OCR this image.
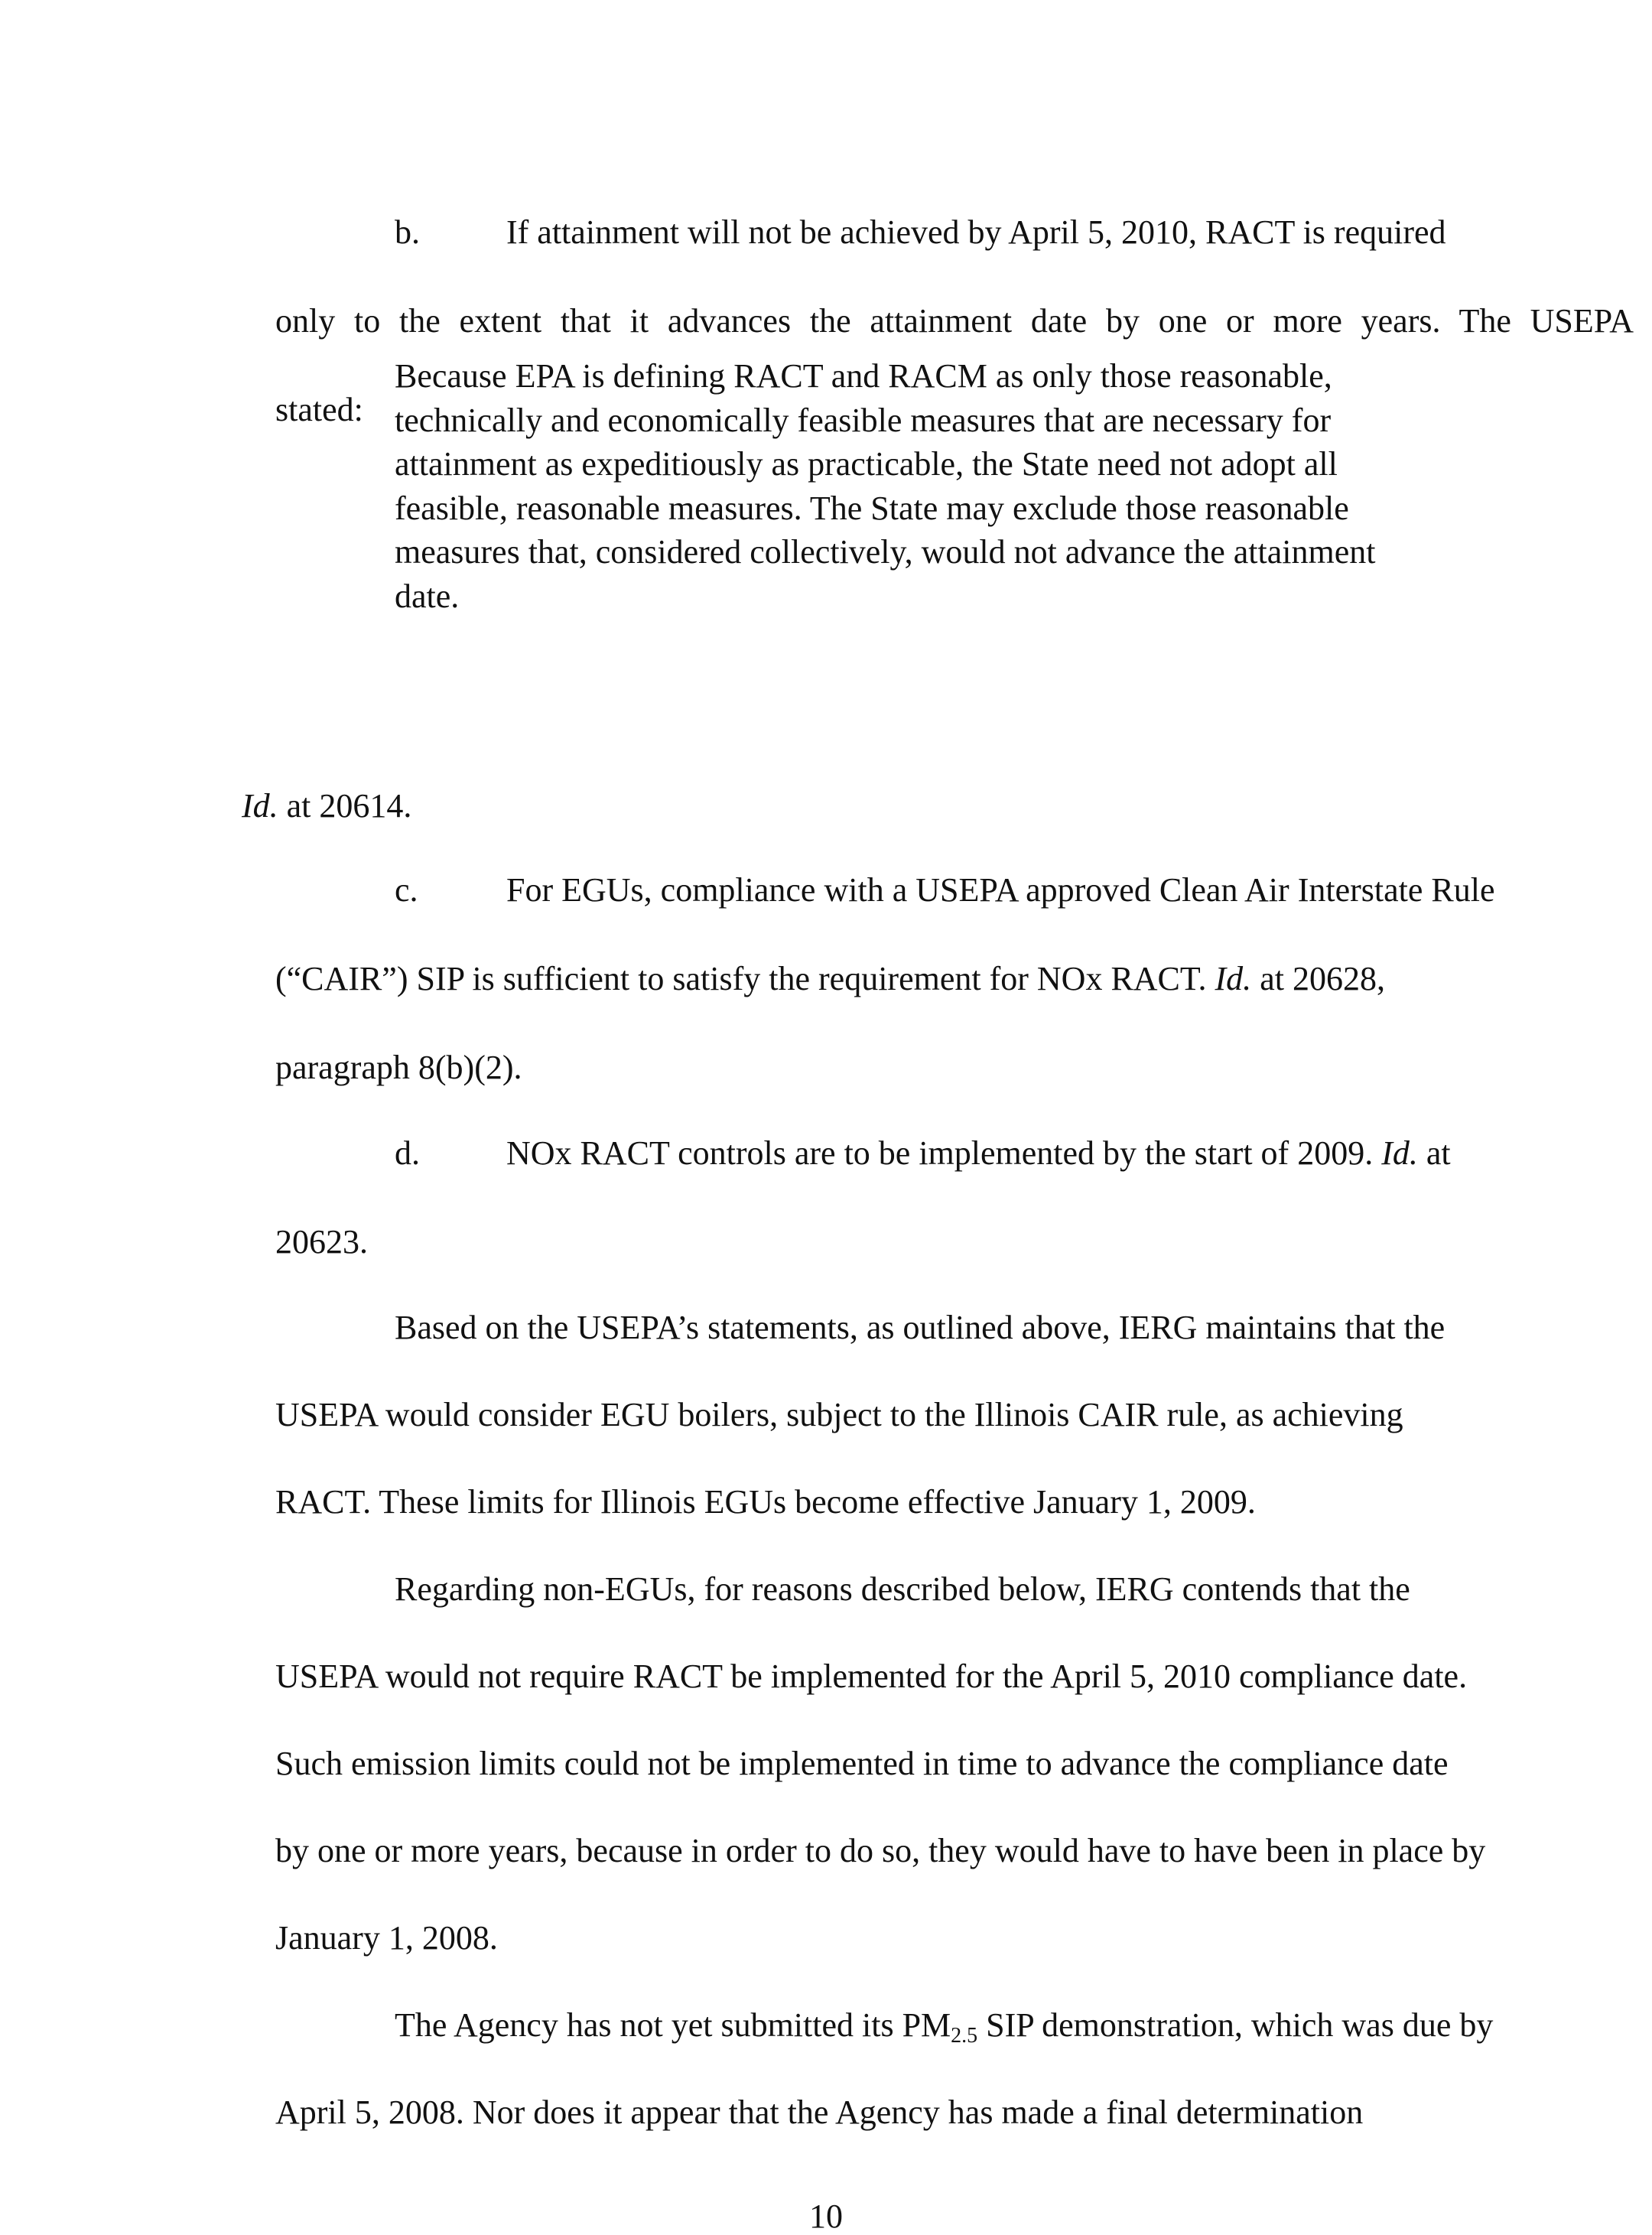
b.	If attainment will not be achieved by April 5, 2010, RACT is required
only to the extent that it advances the attainment date by one or more years. The USEPA
stated:
Because EPA is defining RACT and RACM as only those reasonable,
technically and economically feasible measures that are necessary for
attainment as expeditiously as practicable, the State need not adopt all
feasible, reasonable measures. The State may exclude those reasonable
measures that, considered collectively, would not advance the attainment
date.
Id. at 20614.
c.	For EGUs, compliance with a USEPA approved Clean Air Interstate Rule
(“CAIR”) SIP is sufficient to satisfy the requirement for NOx RACT. Id. at 20628,
paragraph 8(b)(2).
d.	NOx RACT controls are to be implemented by the start of 2009. Id. at
20623.
Based on the USEPA’s statements, as outlined above, IERG maintains that the
USEPA would consider EGU boilers, subject to the Illinois CAIR rule, as achieving
RACT. These limits for Illinois EGUs become effective January 1, 2009.
Regarding non-EGUs, for reasons described below, IERG contends that the
USEPA would not require RACT be implemented for the April 5, 2010 compliance date.
Such emission limits could not be implemented in time to advance the compliance date
by one or more years, because in order to do so, they would have to have been in place by
January 1, 2008.
The Agency has not yet submitted its $PM_{2.5}$ SIP demonstration, which was due by
April 5, 2008. Nor does it appear that the Agency has made a final determination
10
